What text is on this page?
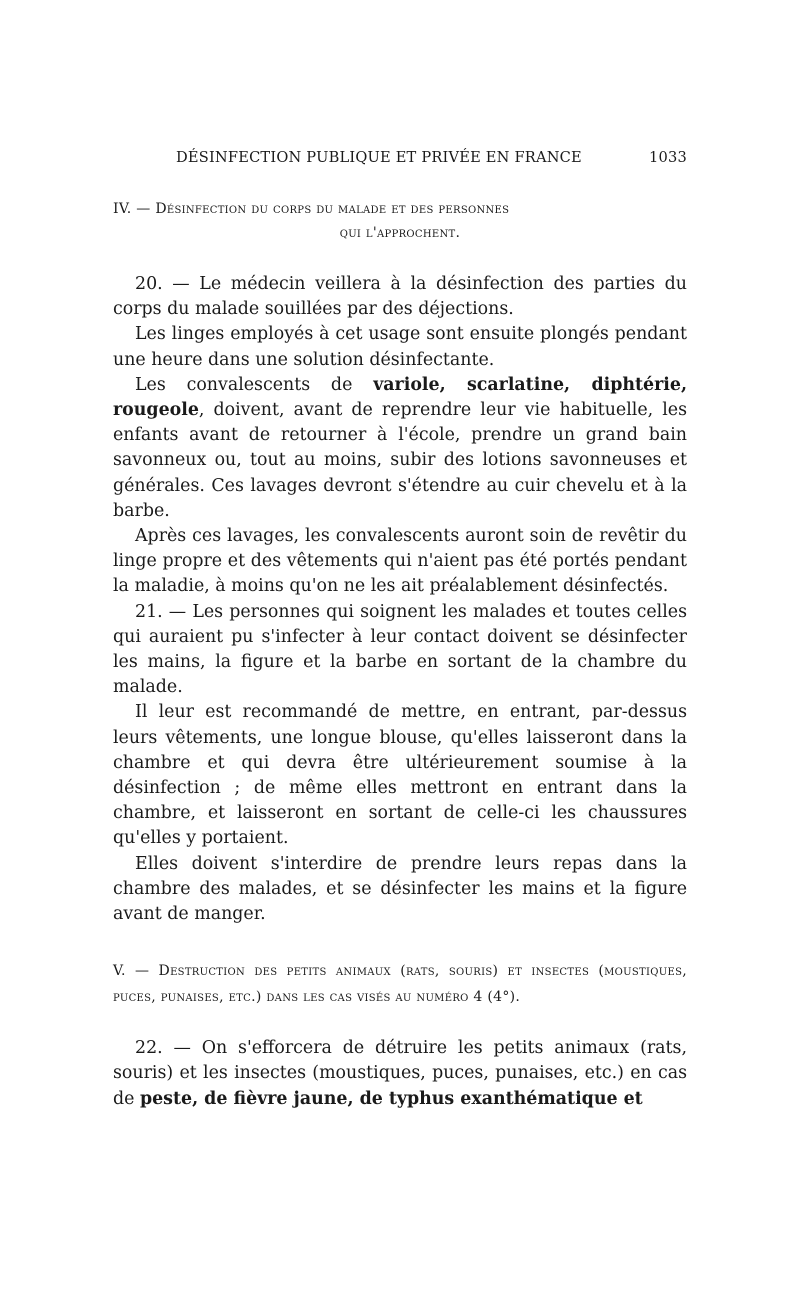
DÉSINFECTION PUBLIQUE ET PRIVÉE EN FRANCE	1033
IV. — Désinfection du corps du malade et des personnes
qui l'approchent.

20. — Le médecin veillera à la désinfection des parties du corps du malade souillées par des déjections.

Les linges employés à cet usage sont ensuite plongés pendant une heure dans une solution désinfectante.

Les convalescents de variole, scarlatine, diphtérie, rougeole, doivent, avant de reprendre leur vie habituelle, les enfants avant de retourner à l'école, prendre un grand bain savonneux ou, tout au moins, subir des lotions savonneuses et générales. Ces lavages devront s'étendre au cuir chevelu et à la barbe.

Après ces lavages, les convalescents auront soin de revêtir du linge propre et des vêtements qui n'aient pas été portés pendant la maladie, à moins qu'on ne les ait préalablement désinfectés.

21. — Les personnes qui soignent les malades et toutes celles qui auraient pu s'infecter à leur contact doivent se désinfecter les mains, la figure et la barbe en sortant de la chambre du malade.

Il leur est recommandé de mettre, en entrant, par-dessus leurs vêtements, une longue blouse, qu'elles laisseront dans la chambre et qui devra être ultérieurement soumise à la désinfection ; de même elles mettront en entrant dans la chambre, et laisseront en sortant de celle-ci les chaussures qu'elles y portaient.

Elles doivent s'interdire de prendre leurs repas dans la chambre des malades, et se désinfecter les mains et la figure avant de manger.

V. — Destruction des petits animaux (rats, souris) et insectes (moustiques, puces, punaises, etc.) dans les cas visés au numéro 4 (4°).

22. — On s'efforcera de détruire les petits animaux (rats, souris) et les insectes (moustiques, puces, punaises, etc.) en cas de peste, de fièvre jaune, de typhus exanthématique et
